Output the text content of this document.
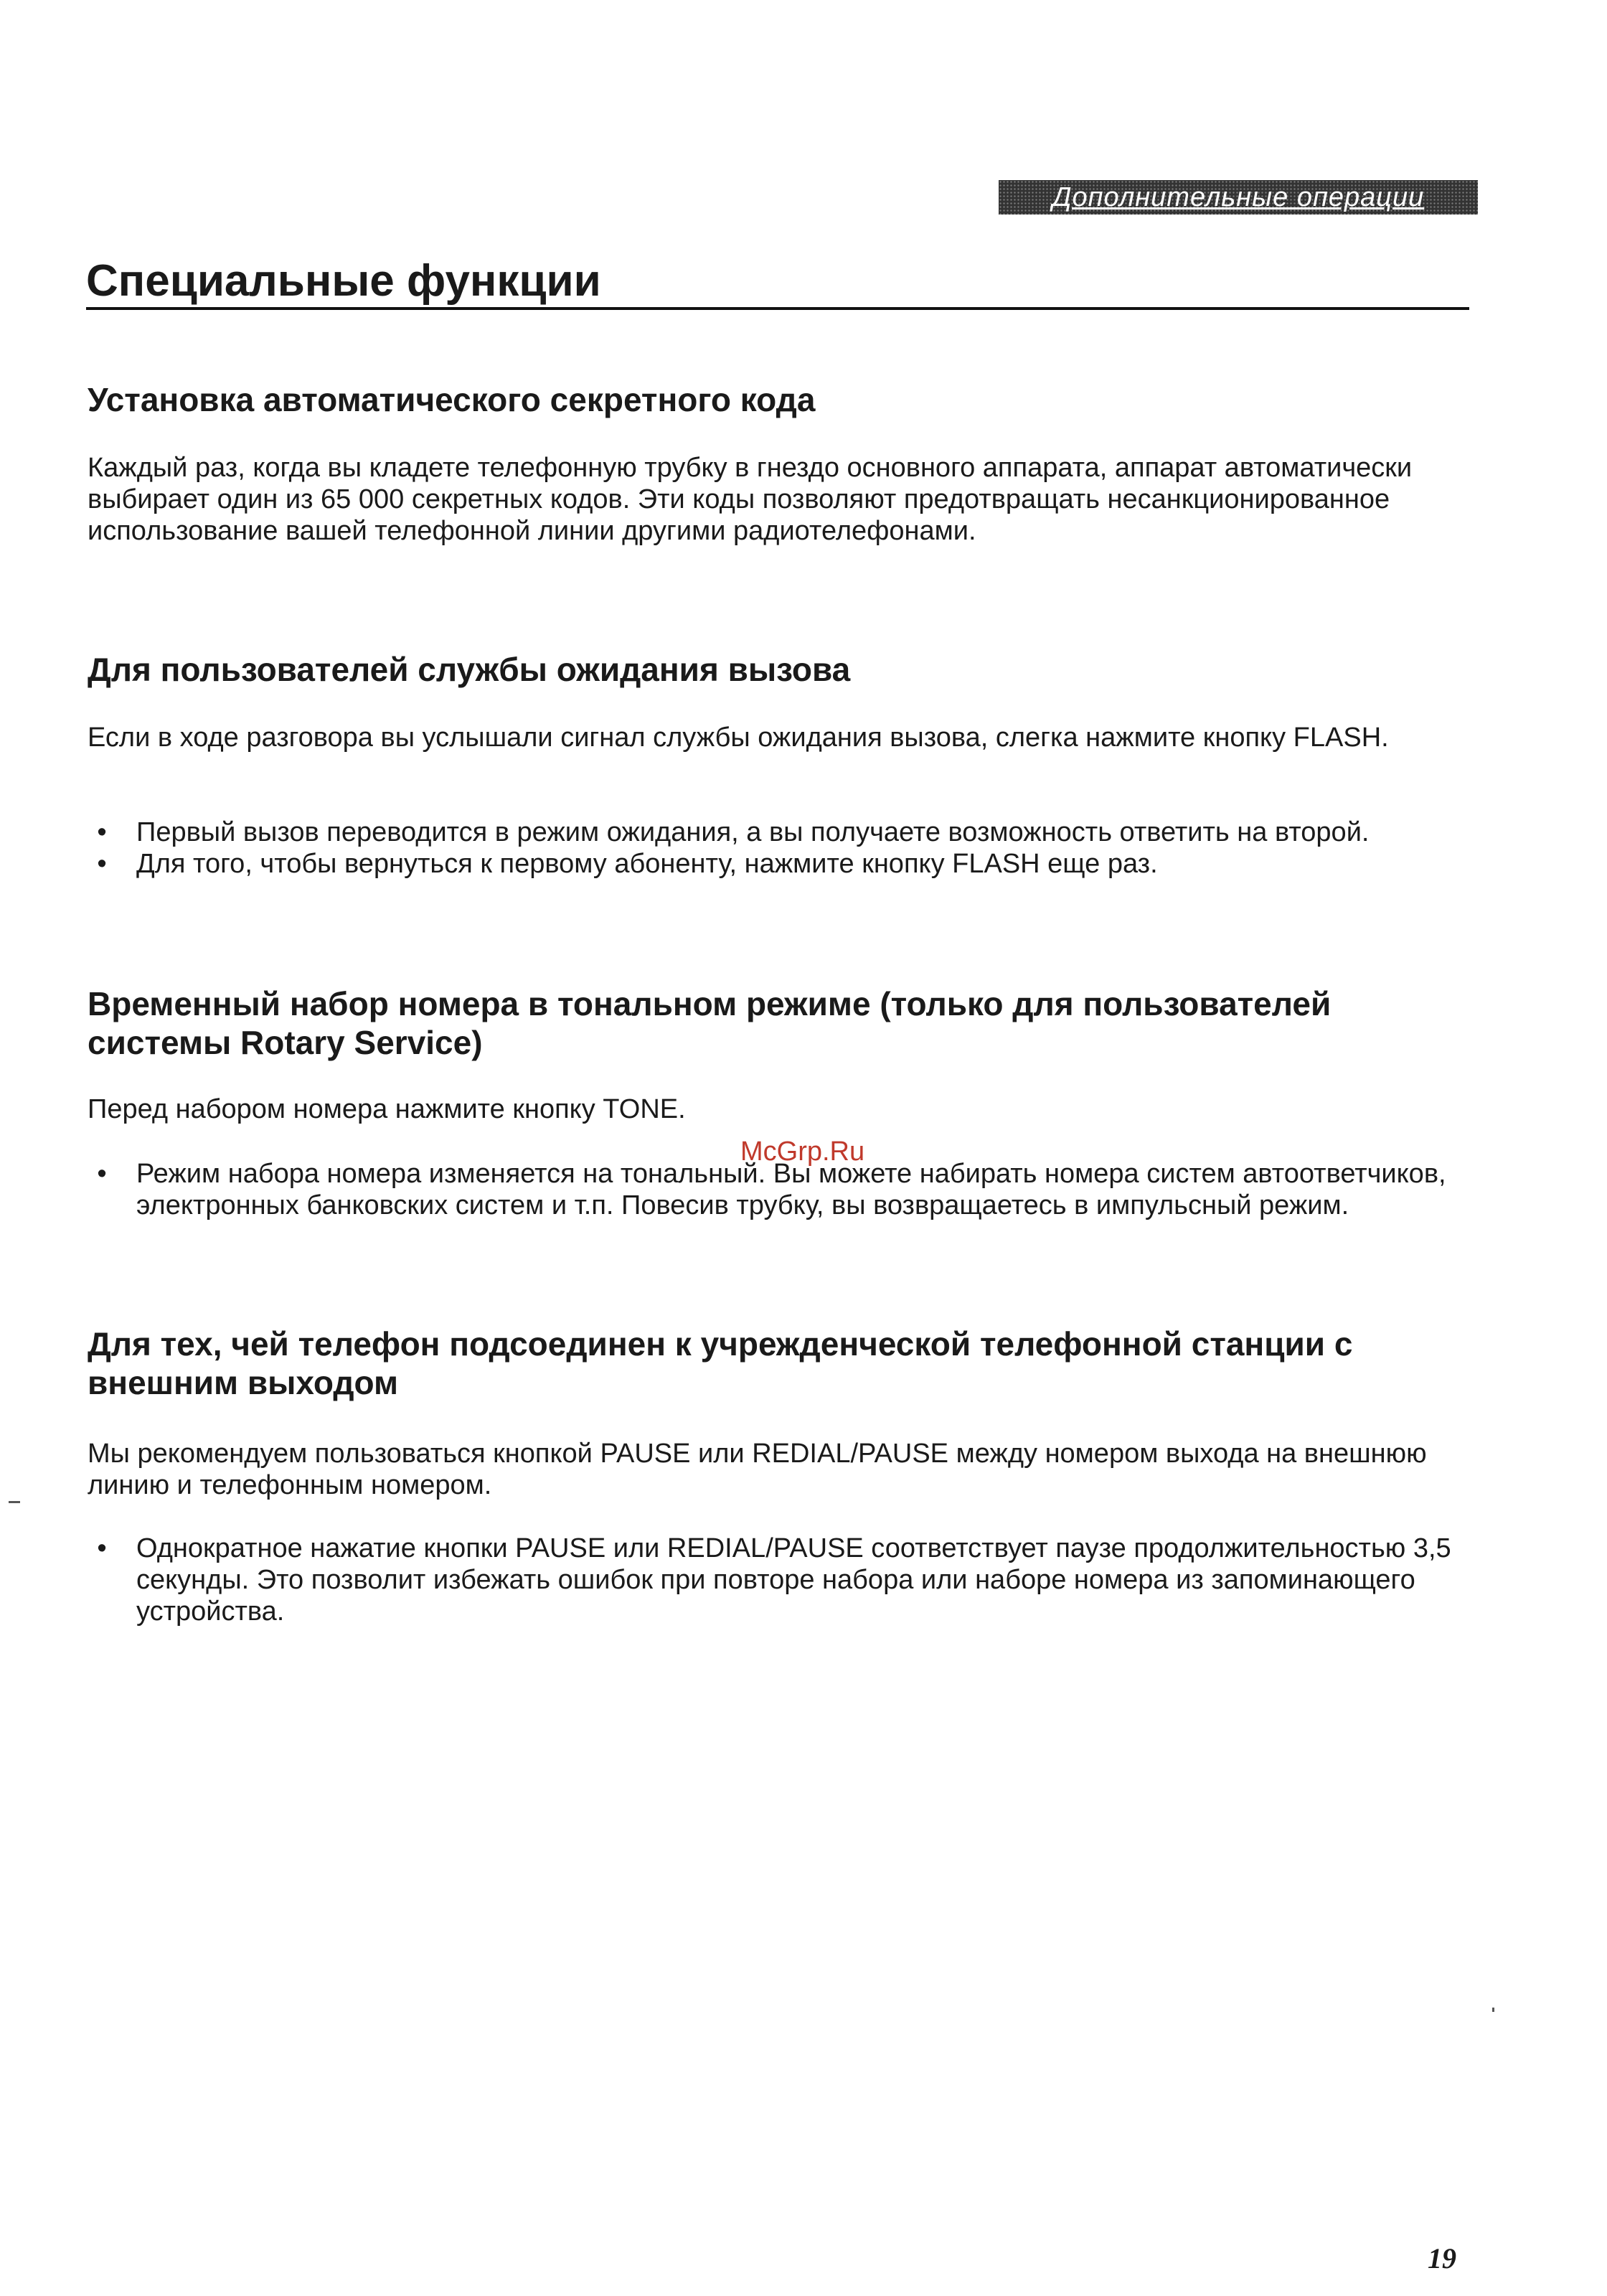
Дополнительные операции
Специальные функции
Установка автоматического секретного кода

Каждый раз, когда вы кладете телефонную трубку в гнездо основного аппарата, аппарат автоматически выбирает один из 65 000 секретных кодов. Эти коды позволяют предотвращать несанкционированное использование вашей телефонной линии другими радиотелефонами.

Для пользователей службы ожидания вызова

Если в ходе разговора вы услышали сигнал службы ожидания вызова, слегка нажмите кнопку FLASH.

•	Первый вызов переводится в режим ожидания, а вы получаете возможность ответить на второй.
•	Для того, чтобы вернуться к первому абоненту, нажмите кнопку FLASH еще раз.
Временный набор номера в тональном режиме (только для пользователей системы Rotary Service)

Перед набором номера нажмите кнопку TONE.

McGrp.Ru
•	Режим набора номера изменяется на тональный. Вы можете набирать номера систем автоответчиков, электронных банковских систем и т.п. Повесив трубку, вы возвращаетесь в импульсный режим.
Для тех, чей телефон подсоединен к учрежденческой телефонной станции с внешним выходом

Мы рекомендуем пользоваться кнопкой PAUSE или REDIAL/PAUSE между номером выхода на внешнюю линию и телефонным номером.

•	Однократное нажатие кнопки PAUSE или REDIAL/PAUSE соответствует паузе продолжительностью 3,5 секунды. Это позволит избежать ошибок при повторе набора или наборе номера из запоминающего устройства.
19
